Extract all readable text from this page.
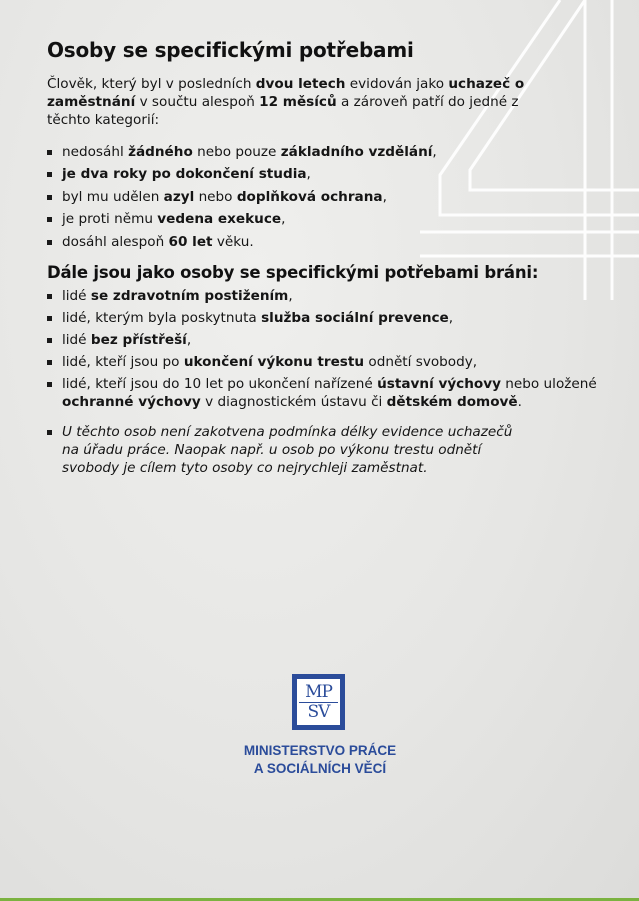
Osoby se specifickými potřebami

Člověk, který byl v posledních dvou letech evidován jako uchazeč o zaměstnání v součtu alespoň 12 měsíců a zároveň patří do jedné z těchto kategorií:

nedosáhl žádného nebo pouze základního vzdělání,
je dva roky po dokončení studia,
byl mu udělen azyl nebo doplňková ochrana,
je proti němu vedena exekuce,
dosáhl alespoň 60 let věku.
Dále jsou jako osoby se specifickými potřebami bráni:
lidé se zdravotním postižením,
lidé, kterým byla poskytnuta služba sociální prevence,
lidé bez přístřeší,
lidé, kteří jsou po ukončení výkonu trestu odnětí svobody,
lidé, kteří jsou do 10 let po ukončení nařízené ústavní výchovy nebo uložené ochranné výchovy v diagnostickém ústavu či dětském domově.
U těchto osob není zakotvena podmínka délky evidence uchazečů na úřadu práce. Naopak např. u osob po výkonu trestu odnětí svobody je cílem tyto osoby co nejrychleji zaměstnat.
MP
SV
MINISTERSTVO PRÁCE
A SOCIÁLNÍCH VĚCÍ
